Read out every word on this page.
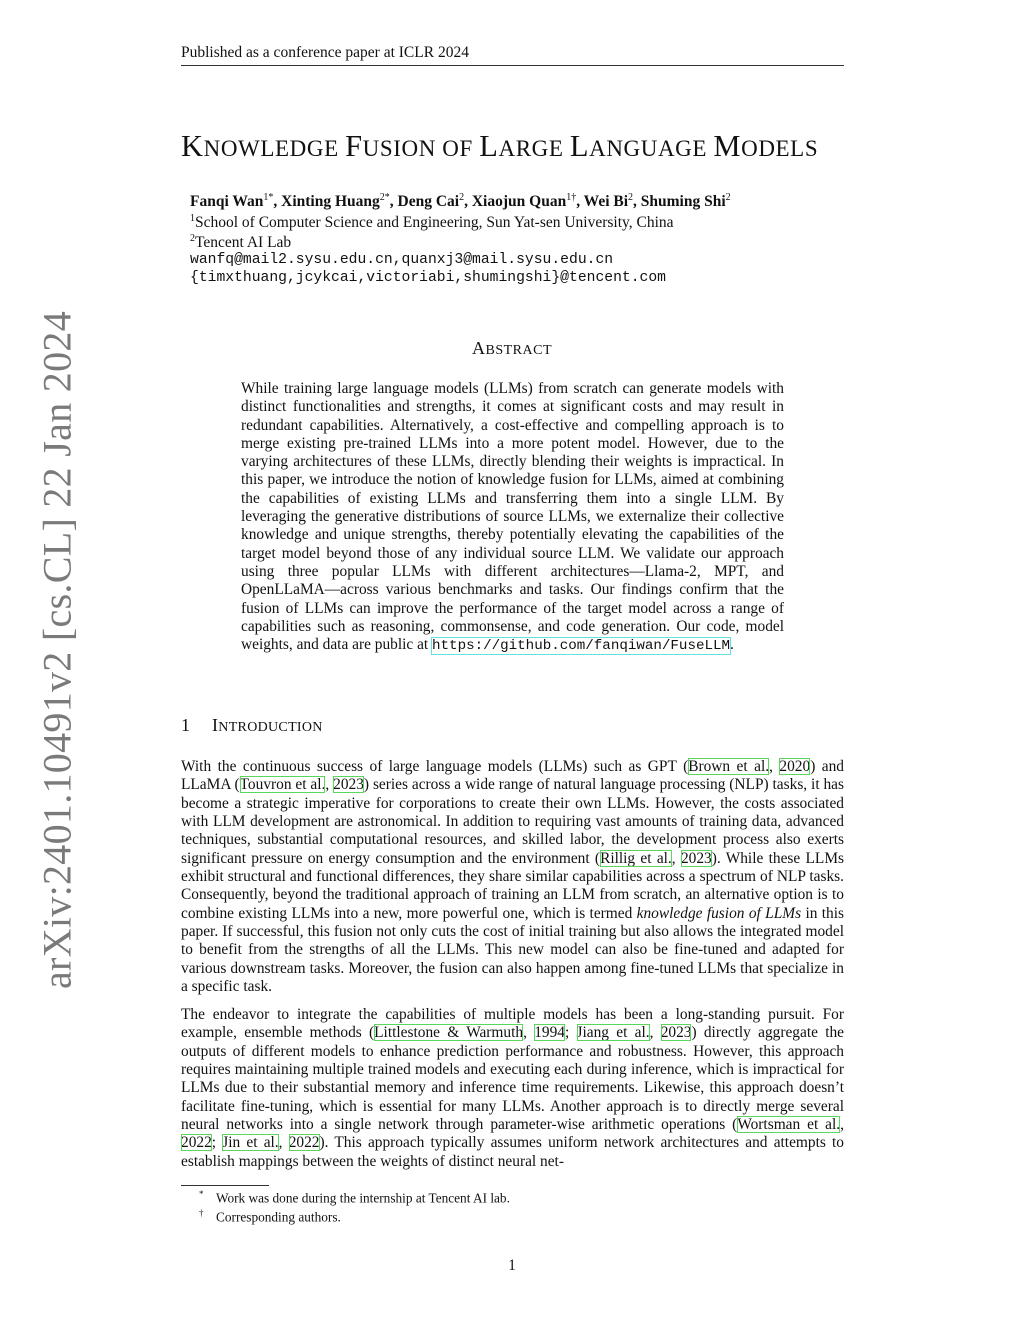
Published as a conference paper at ICLR 2024
arXiv:2401.10491v2 [cs.CL] 22 Jan 2024
KNOWLEDGE FUSION OF LARGE LANGUAGE MODELS
Fanqi Wan$^{1*}$, Xinting Huang$^{2*}$, Deng Cai$^2$, Xiaojun Quan$^{1\dagger}$, Wei Bi$^2$, Shuming Shi$^2$
$^1$School of Computer Science and Engineering, Sun Yat-sen University, China
$^2$Tencent AI Lab
wanfq@mail2.sysu.edu.cn,quanxj3@mail.sysu.edu.cn
{timxthuang,jcykcai,victoriabi,shumingshi}@tencent.com
ABSTRACT
While training large language models (LLMs) from scratch can generate models with distinct functionalities and strengths, it comes at significant costs and may result in redundant capabilities. Alternatively, a cost-effective and compelling approach is to merge existing pre-trained LLMs into a more potent model. However, due to the varying architectures of these LLMs, directly blending their weights is impractical. In this paper, we introduce the notion of knowledge fusion for LLMs, aimed at combining the capabilities of existing LLMs and transferring them into a single LLM. By leveraging the generative distributions of source LLMs, we externalize their collective knowledge and unique strengths, thereby potentially elevating the capabilities of the target model beyond those of any individual source LLM. We validate our approach using three popular LLMs with different architectures—Llama-2, MPT, and OpenLLaMA—across various benchmarks and tasks. Our findings confirm that the fusion of LLMs can improve the performance of the target model across a range of capabilities such as reasoning, commonsense, and code generation. Our code, model weights, and data are public at https://github.com/fanqiwan/FuseLLM.
1 INTRODUCTION
With the continuous success of large language models (LLMs) such as GPT (Brown et al., 2020) and LLaMA (Touvron et al., 2023) series across a wide range of natural language processing (NLP) tasks, it has become a strategic imperative for corporations to create their own LLMs. However, the costs associated with LLM development are astronomical. In addition to requiring vast amounts of training data, advanced techniques, substantial computational resources, and skilled labor, the development process also exerts significant pressure on energy consumption and the environment (Rillig et al., 2023). While these LLMs exhibit structural and functional differences, they share similar capabilities across a spectrum of NLP tasks. Consequently, beyond the traditional approach of training an LLM from scratch, an alternative option is to combine existing LLMs into a new, more powerful one, which is termed knowledge fusion of LLMs in this paper. If successful, this fusion not only cuts the cost of initial training but also allows the integrated model to benefit from the strengths of all the LLMs. This new model can also be fine-tuned and adapted for various downstream tasks. Moreover, the fusion can also happen among fine-tuned LLMs that specialize in a specific task.
The endeavor to integrate the capabilities of multiple models has been a long-standing pursuit. For example, ensemble methods (Littlestone & Warmuth, 1994; Jiang et al., 2023) directly aggregate the outputs of different models to enhance prediction performance and robustness. However, this approach requires maintaining multiple trained models and executing each during inference, which is impractical for LLMs due to their substantial memory and inference time requirements. Likewise, this approach doesn’t facilitate fine-tuning, which is essential for many LLMs. Another approach is to directly merge several neural networks into a single network through parameter-wise arithmetic operations (Wortsman et al., 2022; Jin et al., 2022). This approach typically assumes uniform network architectures and attempts to establish mappings between the weights of distinct neural net-
* Work was done during the internship at Tencent AI lab.
† Corresponding authors.
1
